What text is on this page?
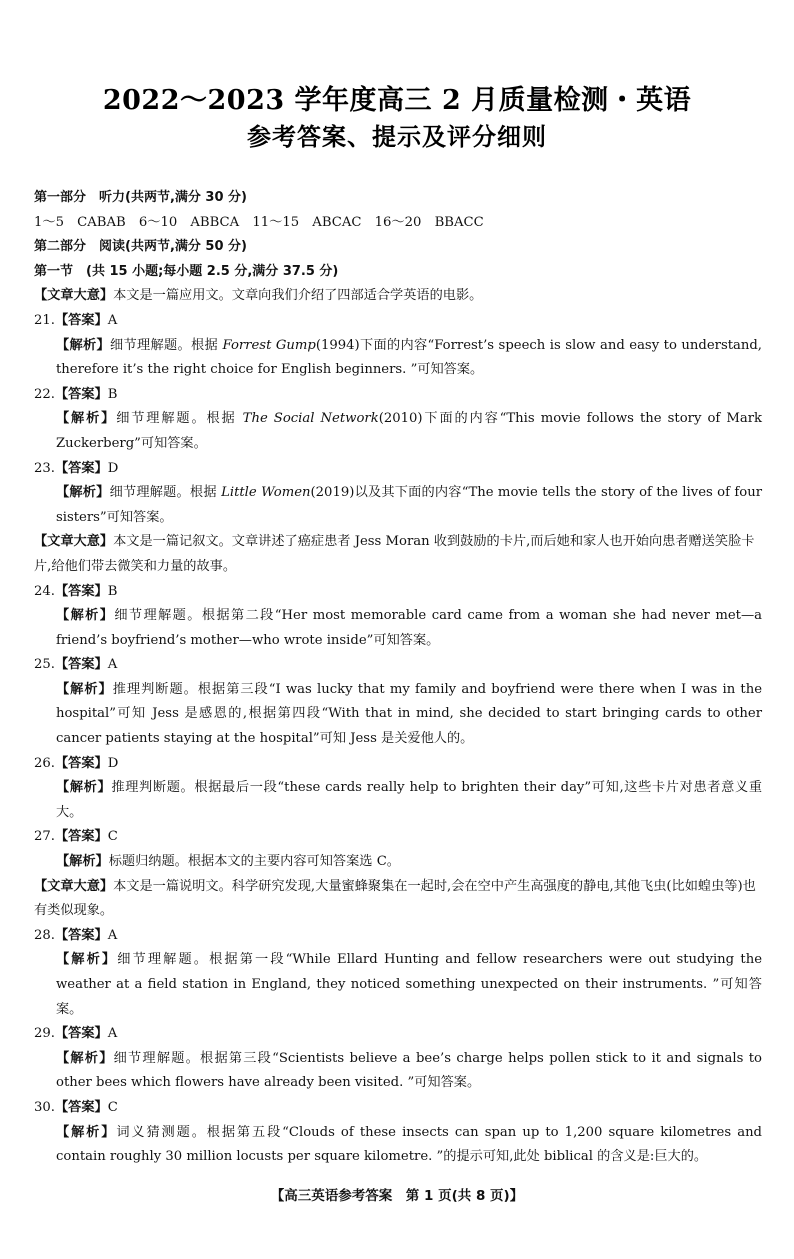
2022～2023 学年度高三 2 月质量检测・英语
参考答案、提示及评分细则
第一部分　听力(共两节,满分 30 分)
1～5　CABAB　6～10　ABBCA　11～15　ABCAC　16～20　BBACC
第二部分　阅读(共两节,满分 50 分)
第一节　(共 15 小题;每小题 2.5 分,满分 37.5 分)
【文章大意】本文是一篇应用文。文章向我们介绍了四部适合学英语的电影。
21.【答案】A
【解析】细节理解题。根据 Forrest Gump(1994)下面的内容“Forrest’s speech is slow and easy to understand, therefore it’s the right choice for English beginners. ”可知答案。
22.【答案】B
【解析】细节理解题。根据 The Social Network(2010)下面的内容“This movie follows the story of Mark Zuckerberg”可知答案。
23.【答案】D
【解析】细节理解题。根据 Little Women(2019)以及其下面的内容“The movie tells the story of the lives of four sisters”可知答案。
【文章大意】本文是一篇记叙文。文章讲述了癌症患者 Jess Moran 收到鼓励的卡片,而后她和家人也开始向患者赠送笑脸卡片,给他们带去微笑和力量的故事。
24.【答案】B
【解析】细节理解题。根据第二段“Her most memorable card came from a woman she had never met—a friend’s boyfriend’s mother—who wrote inside”可知答案。
25.【答案】A
【解析】推理判断题。根据第三段“I was lucky that my family and boyfriend were there when I was in the hospital”可知 Jess 是感恩的,根据第四段“With that in mind, she decided to start bringing cards to other cancer patients staying at the hospital”可知 Jess 是关爱他人的。
26.【答案】D
【解析】推理判断题。根据最后一段“these cards really help to brighten their day”可知,这些卡片对患者意义重大。
27.【答案】C
【解析】标题归纳题。根据本文的主要内容可知答案选 C。
【文章大意】本文是一篇说明文。科学研究发现,大量蜜蜂聚集在一起时,会在空中产生高强度的静电,其他飞虫(比如蝗虫等)也有类似现象。
28.【答案】A
【解析】细节理解题。根据第一段“While Ellard Hunting and fellow researchers were out studying the weather at a field station in England, they noticed something unexpected on their instruments. ”可知答案。
29.【答案】A
【解析】细节理解题。根据第三段“Scientists believe a bee’s charge helps pollen stick to it and signals to other bees which flowers have already been visited. ”可知答案。
30.【答案】C
【解析】词义猜测题。根据第五段“Clouds of these insects can span up to 1,200 square kilometres and contain roughly 30 million locusts per square kilometre. ”的提示可知,此处 biblical 的含义是:巨大的。
【高三英语参考答案　第 1 页(共 8 页)】
